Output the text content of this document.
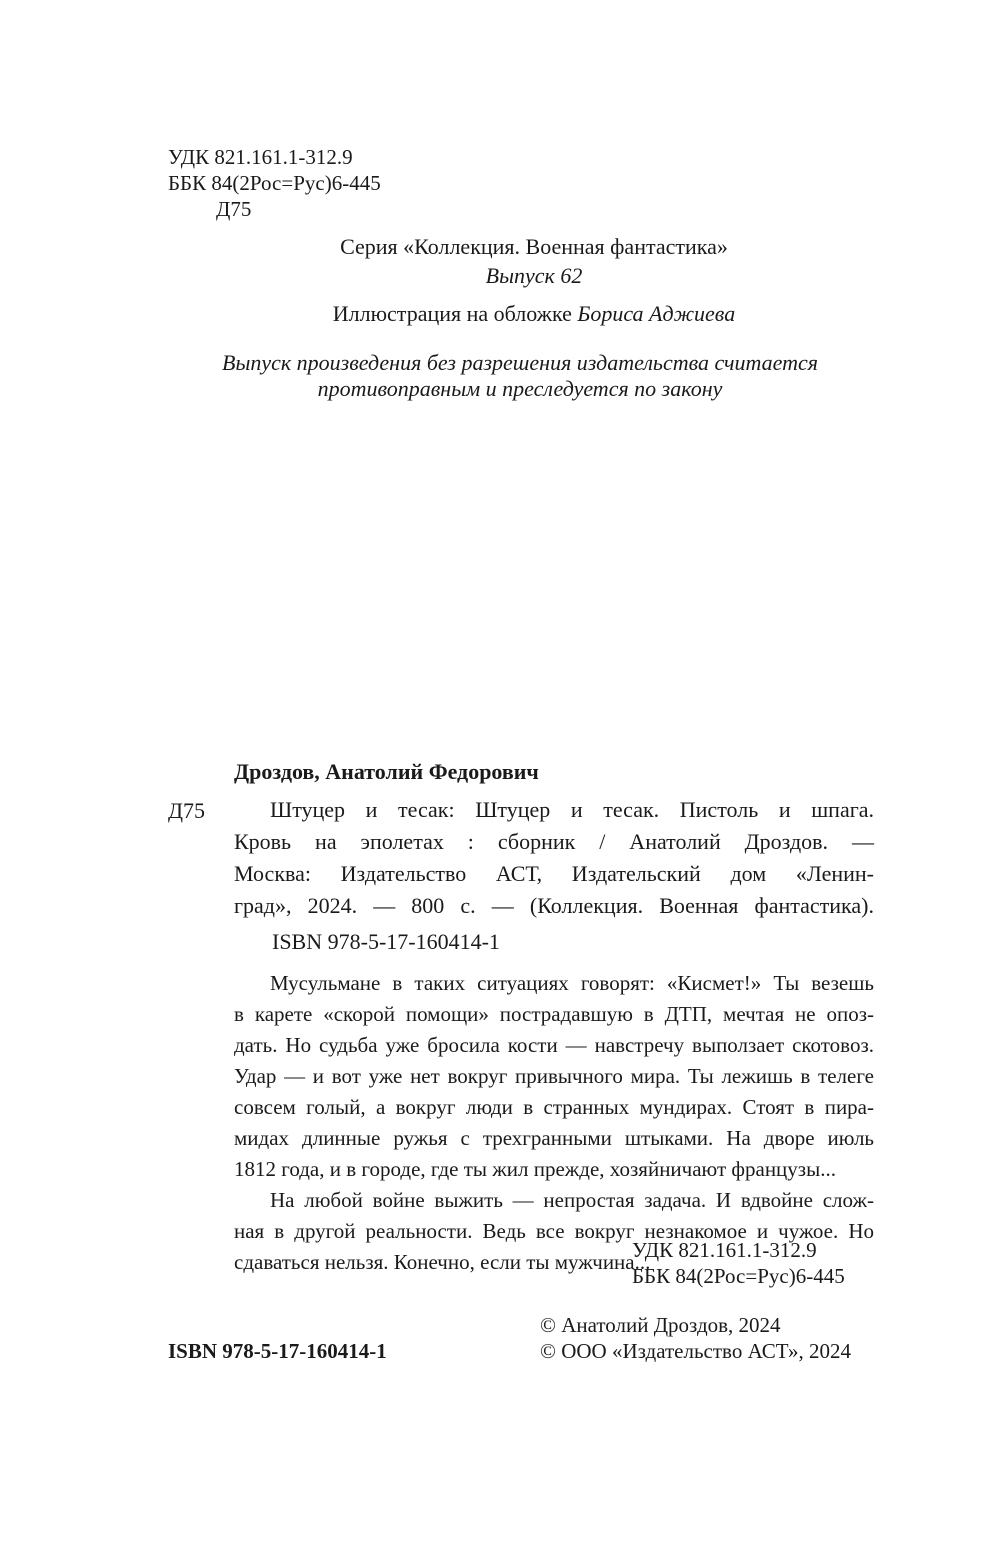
УДК 821.161.1-312.9
ББК 84(2Рос=Рус)6-445
Д75
Серия «Коллекция. Военная фантастика»
Выпуск 62
Иллюстрация на обложке Бориса Аджиева
Выпуск произведения без разрешения издательства считается
противоправным и преследуется по закону
Дроздов, Анатолий Федорович
Д75	Штуцер и тесак: Штуцер и тесак. Пистоль и шпага.
Кровь на эполетах : сборник / Анатолий Дроздов. —
Москва: Издательство АСТ, Издательский дом «Ленин-
град», 2024. — 800 с. — (Коллекция. Военная фантастика).
ISBN 978-5-17-160414-1
Мусульмане в таких ситуациях говорят: «Кисмет!» Ты везешь
в карете «скорой помощи» пострадавшую в ДТП, мечтая не опоз-
дать. Но судьба уже бросила кости — навстречу выползает скотовоз.
Удар — и вот уже нет вокруг привычного мира. Ты лежишь в телеге
совсем голый, а вокруг люди в странных мундирах. Стоят в пира-
мидах длинные ружья с трехгранными штыками. На дворе июль
1812 года, и в городе, где ты жил прежде, хозяйничают французы...
На любой войне выжить — непростая задача. И вдвойне слож-
ная в другой реальности. Ведь все вокруг незнакомое и чужое. Но
сдаваться нельзя. Конечно, если ты мужчина...
УДК 821.161.1-312.9
ББК 84(2Рос=Рус)6-445
© Анатолий Дроздов, 2024
ISBN 978-5-17-160414-1	© ООО «Издательство АСТ», 2024
